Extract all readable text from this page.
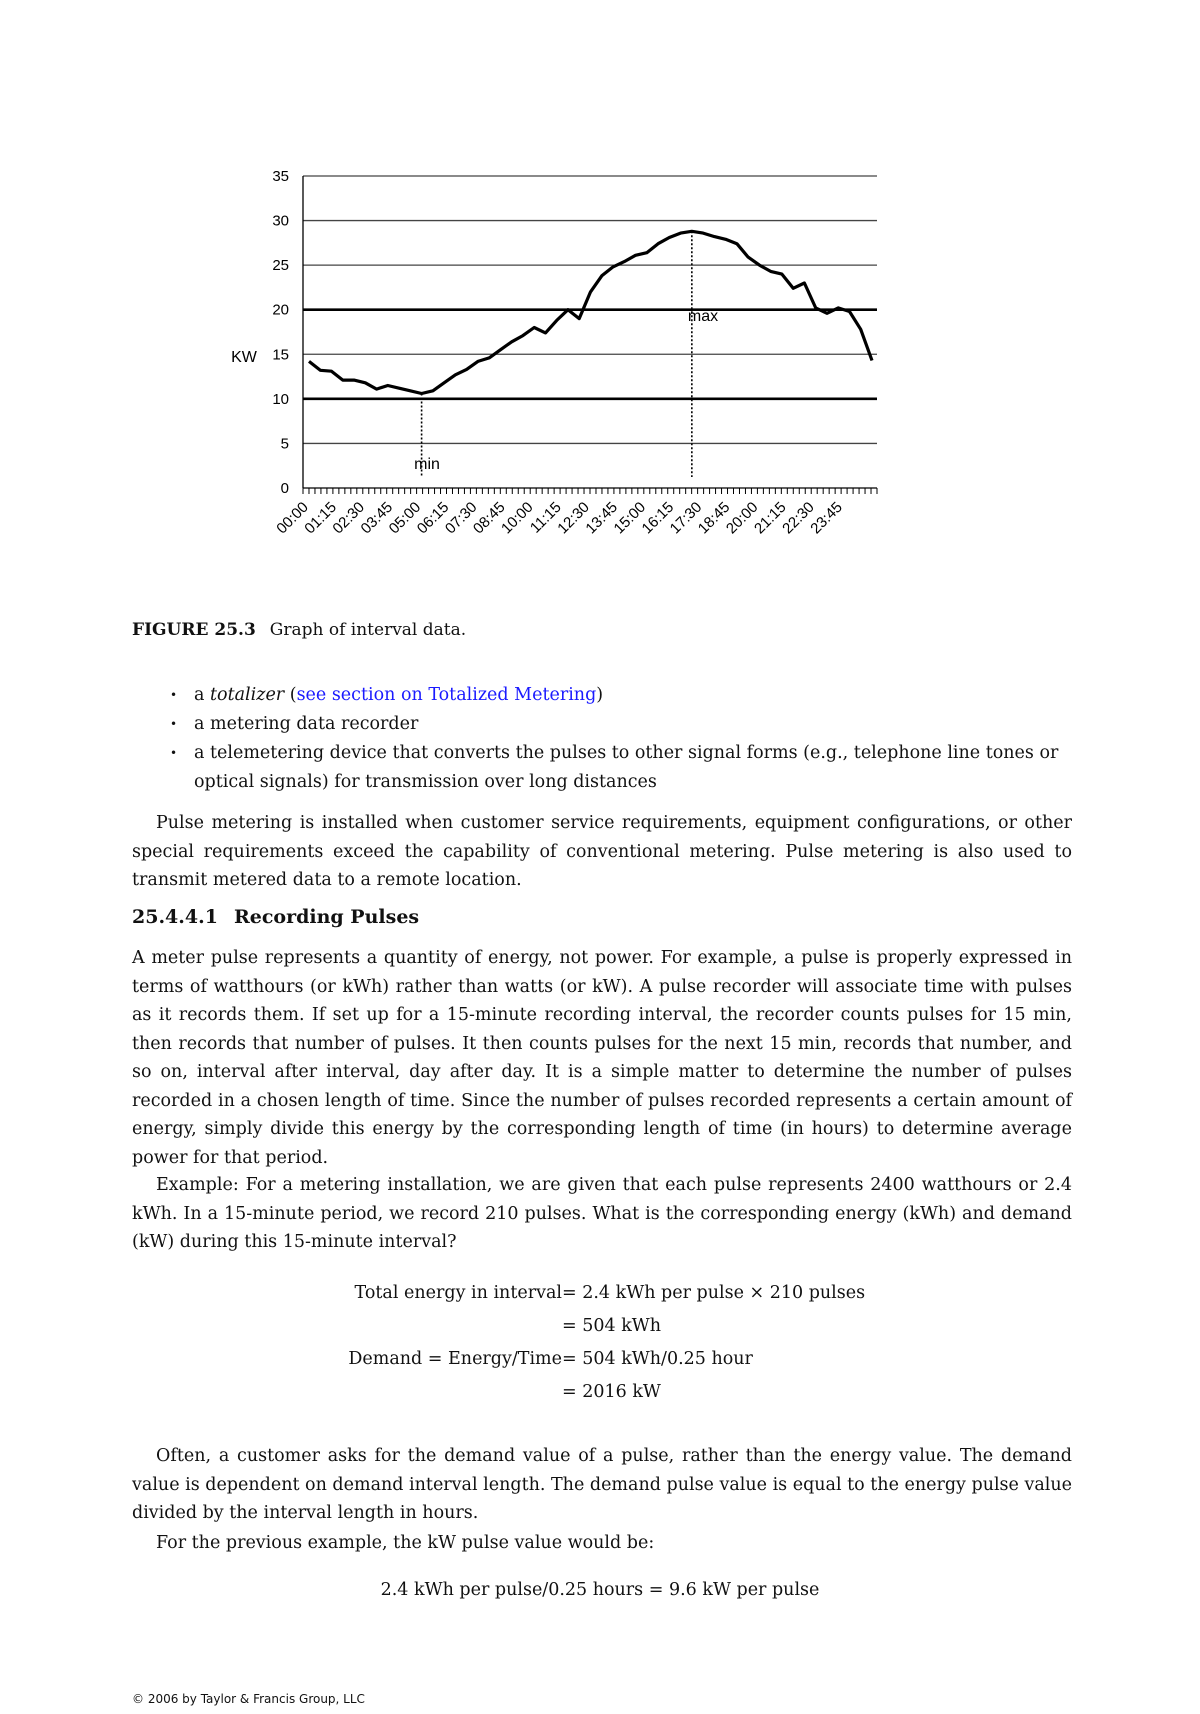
0
5
10
15
20
25
30
35
00:00
01:15
02:30
03:45
05:00
06:15
07:30
08:45
10:00
11:15
12:30
13:45
15:00
16:15
17:30
18:45
20:00
21:15
22:30
23:45
KW
min
max
FIGURE 25.3 Graph of interval data.
• a totalizer (see section on Totalized Metering)
• a metering data recorder
• a telemetering device that converts the pulses to other signal forms (e.g., telephone line tones or optical signals) for transmission over long distances

Pulse metering is installed when customer service requirements, equipment configurations, or other special requirements exceed the capability of conventional metering. Pulse metering is also used to transmit metered data to a remote location.

25.4.4.1 Recording Pulses

A meter pulse represents a quantity of energy, not power. For example, a pulse is properly expressed in terms of watthours (or kWh) rather than watts (or kW). A pulse recorder will associate time with pulses as it records them. If set up for a 15-minute recording interval, the recorder counts pulses for 15 min, then records that number of pulses. It then counts pulses for the next 15 min, records that number, and so on, interval after interval, day after day. It is a simple matter to determine the number of pulses recorded in a chosen length of time. Since the number of pulses recorded represents a certain amount of energy, simply divide this energy by the corresponding length of time (in hours) to determine average power for that period.

Example: For a metering installation, we are given that each pulse represents 2400 watthours or 2.4 kWh. In a 15-minute period, we record 210 pulses. What is the corresponding energy (kWh) and demand (kW) during this 15-minute interval?

Total energy in interval = 2.4 kWh per pulse × 210 pulses
= 504 kWh
Demand = Energy/Time = 504 kWh/0.25 hour
= 2016 kW

Often, a customer asks for the demand value of a pulse, rather than the energy value. The demand value is dependent on demand interval length. The demand pulse value is equal to the energy pulse value divided by the interval length in hours.

For the previous example, the kW pulse value would be:

2.4 kWh per pulse/0.25 hours = 9.6 kW per pulse
© 2006 by Taylor & Francis Group, LLC
